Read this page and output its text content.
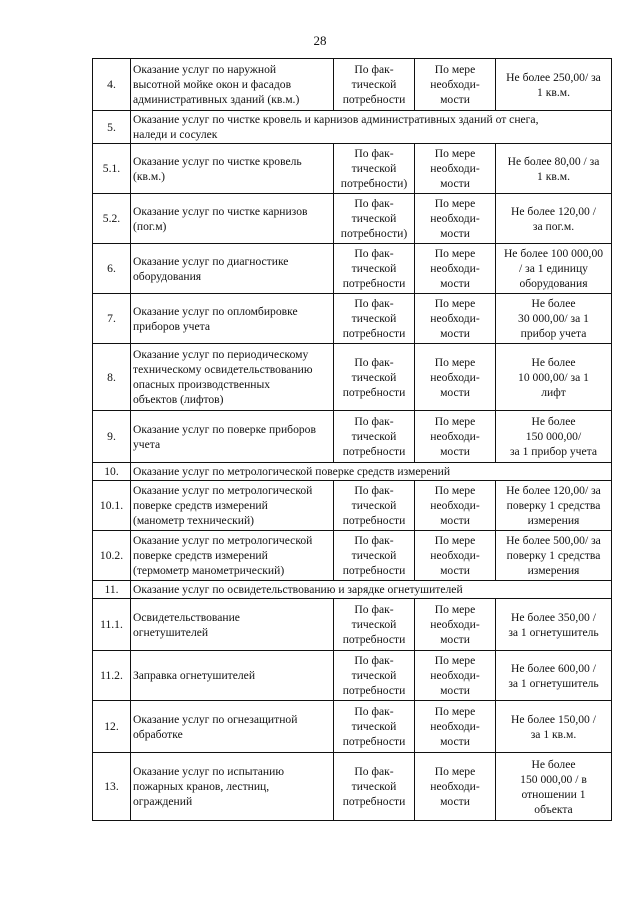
28
4.	Оказание услуг по наружной
высотной мойке окон и фасадов
административных зданий (кв.м.)	По фак-
тической
потребности	По мере
необходи-
мости	Не более 250,00/ за
1 кв.м.
5.	Оказание услуг по чистке кровель и карнизов административных зданий от снега,
наледи и сосулек			
5.1.	Оказание услуг по чистке кровель
(кв.м.)	По фак-
тической
потребности)	По мере
необходи-
мости	Не более 80,00 / за
1 кв.м.
5.2.	Оказание услуг по чистке карнизов
(пог.м)	По фак-
тической
потребности)	По мере
необходи-
мости	Не более 120,00 /
за пог.м.
6.	Оказание услуг по диагностике
оборудования	По фак-
тической
потребности	По мере
необходи-
мости	Не более 100 000,00
/ за 1 единицу
оборудования
7.	Оказание услуг по опломбировке
приборов учета	По фак-
тической
потребности	По мере
необходи-
мости	Не более
30 000,00/ за 1
прибор учета
8.	Оказание услуг по периодическому
техническому освидетельствованию
опасных производственных
объектов (лифтов)	По фак-
тической
потребности	По мере
необходи-
мости	Не более
10 000,00/ за 1
лифт
9.	Оказание услуг по поверке приборов
учета	По фак-
тической
потребности	По мере
необходи-
мости	Не более
150 000,00/
за 1 прибор учета
10.	Оказание услуг по метрологической поверке средств измерений			
10.1.	Оказание услуг по метрологической
поверке средств измерений
(манометр технический)	По фак-
тической
потребности	По мере
необходи-
мости	Не более 120,00/ за
поверку 1 средства
измерения
10.2.	Оказание услуг по метрологической
поверке средств измерений
(термометр манометрический)	По фак-
тической
потребности	По мере
необходи-
мости	Не более 500,00/ за
поверку 1 средства
измерения
11.	Оказание услуг по освидетельствованию и зарядке огнетушителей			
11.1.	Освидетельствование
огнетушителей	По фак-
тической
потребности	По мере
необходи-
мости	Не более 350,00 /
за 1 огнетушитель
11.2.	Заправка огнетушителей	По фак-
тической
потребности	По мере
необходи-
мости	Не более 600,00 /
за 1 огнетушитель
12.	Оказание услуг по огнезащитной
обработке	По фак-
тической
потребности	По мере
необходи-
мости	Не более 150,00 /
за 1 кв.м.
13.	Оказание услуг по испытанию
пожарных кранов, лестниц,
ограждений	По фак-
тической
потребности	По мере
необходи-
мости	Не более
150 000,00 / в
отношении 1
объекта
